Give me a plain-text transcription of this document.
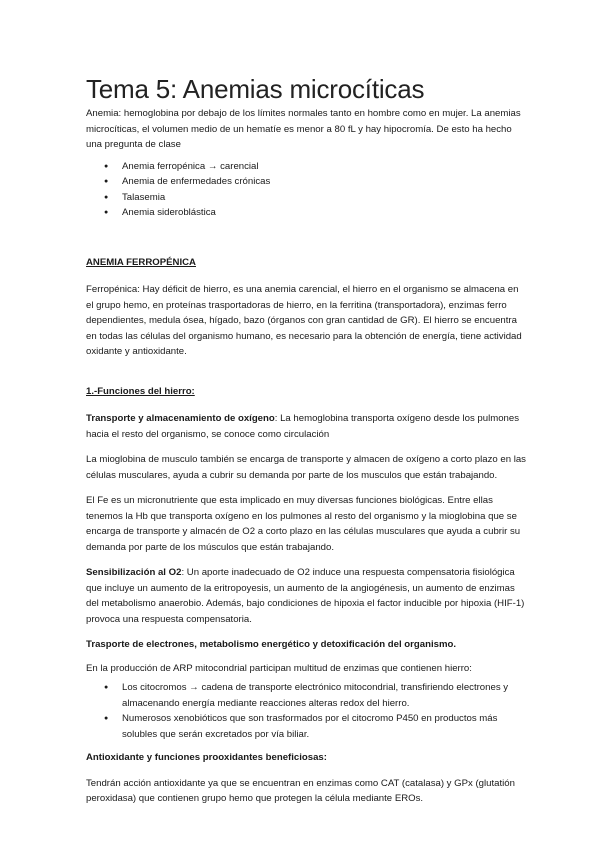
Tema 5: Anemias microcíticas

Anemia: hemoglobina por debajo de los límites normales tanto en hombre como en mujer. La anemias microcíticas, el volumen medio de un hematíe es menor a 80 fL y hay hipocromía. De esto ha hecho una pregunta de clase

● Anemia ferropénica → carencial
● Anemia de enfermedades crónicas
● Talasemia
● Anemia sideroblástica

ANEMIA FERROPÉNICA

Ferropénica: Hay déficit de hierro, es una anemia carencial, el hierro en el organismo se almacena en el grupo hemo, en proteínas trasportadoras de hierro, en la ferritina (transportadora), enzimas ferro dependientes, medula ósea, hígado, bazo (órganos con gran cantidad de GR). El hierro se encuentra en todas las células del organismo humano, es necesario para la obtención de energía, tiene actividad oxidante y antioxidante.

1.-Funciones del hierro:

Transporte y almacenamiento de oxígeno: La hemoglobina transporta oxígeno desde los pulmones hacia el resto del organismo, se conoce como circulación

La mioglobina de musculo también se encarga de transporte y almacen de oxígeno a corto plazo en las células musculares, ayuda a cubrir su demanda por parte de los musculos que están trabajando.

El Fe es un micronutriente que esta implicado en muy diversas funciones biológicas. Entre ellas tenemos la Hb que transporta oxígeno en los pulmones al resto del organismo y la mioglobina que se encarga de transporte y almacén de O2 a corto plazo en las células musculares que ayuda a cubrir su demanda por parte de los músculos que están trabajando.

Sensibilización al O2: Un aporte inadecuado de O2 induce una respuesta compensatoria fisiológica que incluye un aumento de la eritropoyesis, un aumento de la angiogénesis, un aumento de enzimas del metabolismo anaerobio. Además, bajo condiciones de hipoxia el factor inducible por hipoxia (HIF-1) provoca una respuesta compensatoria.

Trasporte de electrones, metabolismo energético y detoxificación del organismo.

En la producción de ARP mitocondrial participan multitud de enzimas que contienen hierro:

● Los citocromos → cadena de transporte electrónico mitocondrial, transfiriendo electrones y almacenando energía mediante reacciones alteras redox del hierro.
● Numerosos xenobióticos que son trasformados por el citocromo P450 en productos más solubles que serán excretados por vía biliar.

Antioxidante y funciones prooxidantes beneficiosas:

Tendrán acción antioxidante ya que se encuentran en enzimas como CAT (catalasa) y GPx (glutatión peroxidasa) que contienen grupo hemo que protegen la célula mediante EROs.
